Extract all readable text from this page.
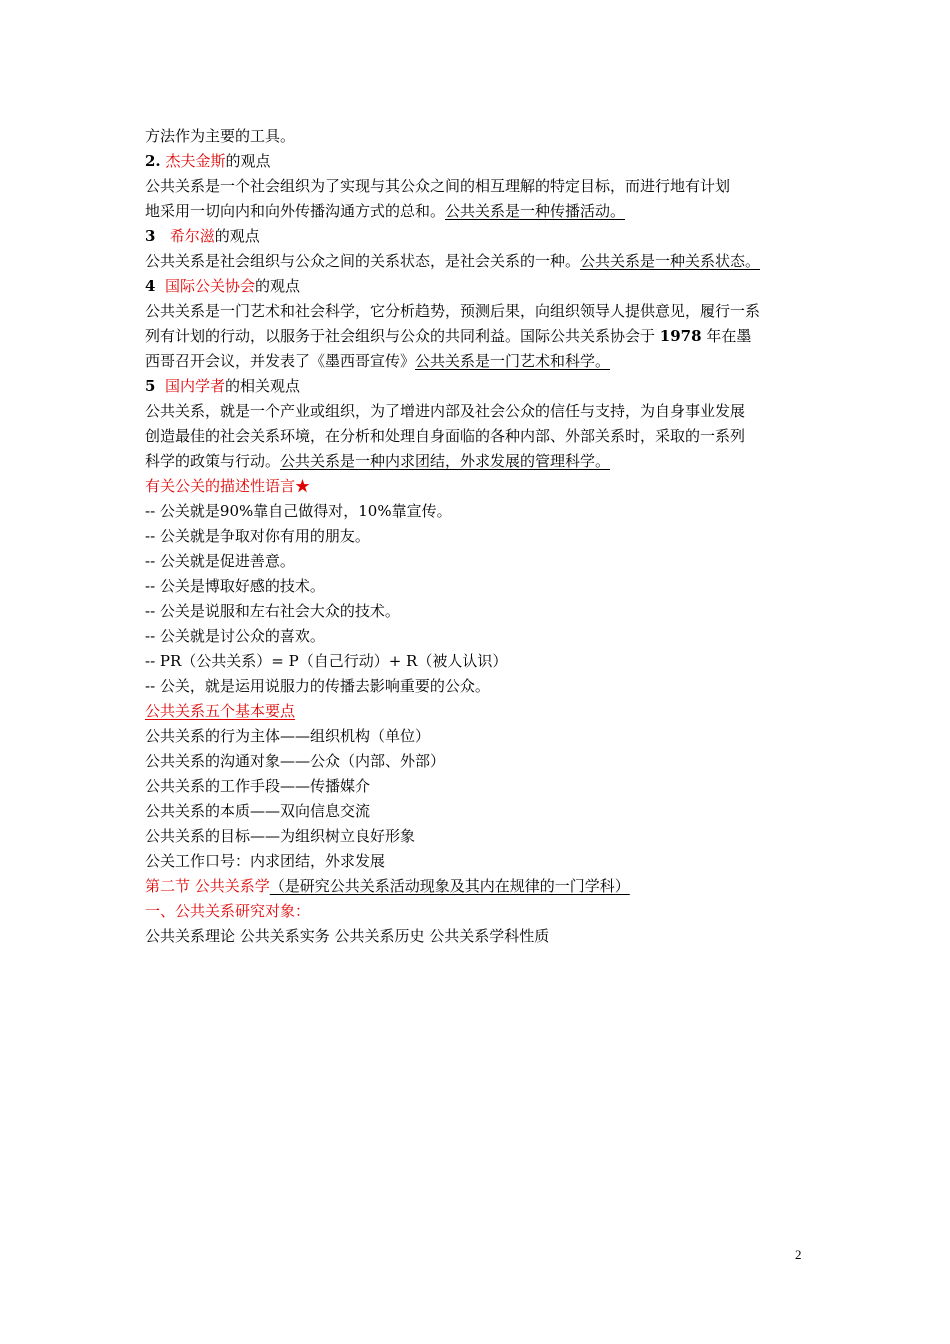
方法作为主要的工具。
2. 杰夫金斯的观点
公共关系是一个社会组织为了实现与其公众之间的相互理解的特定目标，而进行地有计划
地采用一切向内和向外传播沟通方式的总和。公共关系是一种传播活动。
3 希尔滋的观点
公共关系是社会组织与公众之间的关系状态，是社会关系的一种。公共关系是一种关系状态。
4 国际公关协会的观点
公共关系是一门艺术和社会科学，它分析趋势，预测后果，向组织领导人提供意见，履行一系
列有计划的行动，以服务于社会组织与公众的共同利益。国际公共关系协会于 1978 年在墨
西哥召开会议，并发表了《墨西哥宣传》公共关系是一门艺术和科学。
5 国内学者的相关观点
公共关系，就是一个产业或组织，为了增进内部及社会公众的信任与支持，为自身事业发展
创造最佳的社会关系环境，在分析和处理自身面临的各种内部、外部关系时，采取的一系列
科学的政策与行动。公共关系是一种内求团结，外求发展的管理科学。
有关公关的描述性语言★
-- 公关就是90%靠自己做得对，10%靠宣传。
-- 公关就是争取对你有用的朋友。
-- 公关就是促进善意。
-- 公关是博取好感的技术。
-- 公关是说服和左右社会大众的技术。
-- 公关就是讨公众的喜欢。
-- PR（公共关系）= P（自己行动）+ R（被人认识）
-- 公关，就是运用说服力的传播去影响重要的公众。
公共关系五个基本要点
公共关系的行为主体——组织机构（单位）
公共关系的沟通对象——公众（内部、外部）
公共关系的工作手段——传播媒介
公共关系的本质——双向信息交流
公共关系的目标——为组织树立良好形象
公关工作口号：内求团结，外求发展
第二节 公共关系学（是研究公共关系活动现象及其内在规律的一门学科）
一、公共关系研究对象：
公共关系理论 公共关系实务 公共关系历史 公共关系学科性质
2
